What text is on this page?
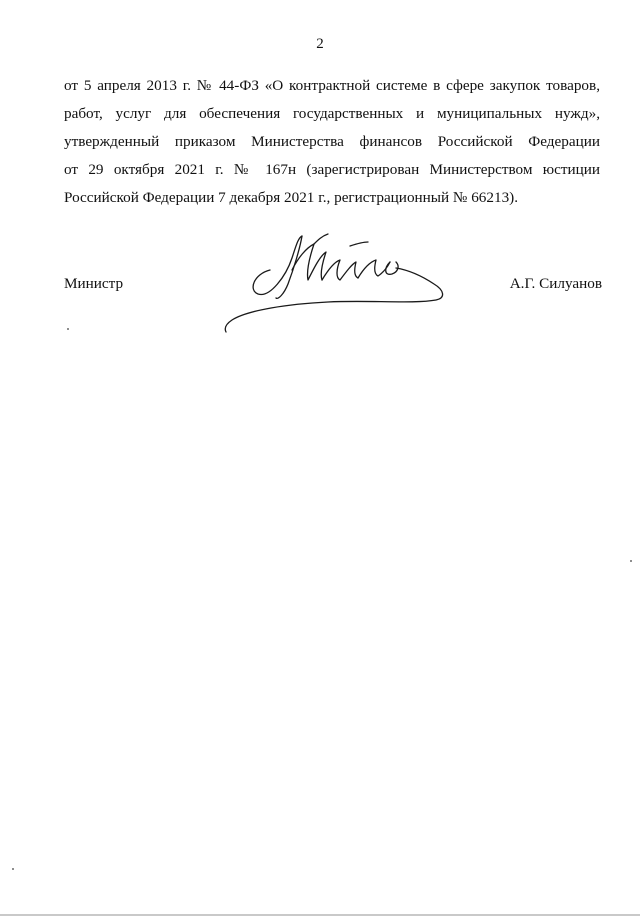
2
от 5 апреля 2013 г. № 44-ФЗ «О контрактной системе в сфере закупок товаров,
работ, услуг для обеспечения государственных и муниципальных нужд»,
утвержденный приказом Министерства финансов Российской Федерации
от 29 октября 2021 г. № 167н (зарегистрирован Министерством юстиции
Российской Федерации 7 декабря 2021 г., регистрационный № 66213).
Министр	А.Г. Силуанов
